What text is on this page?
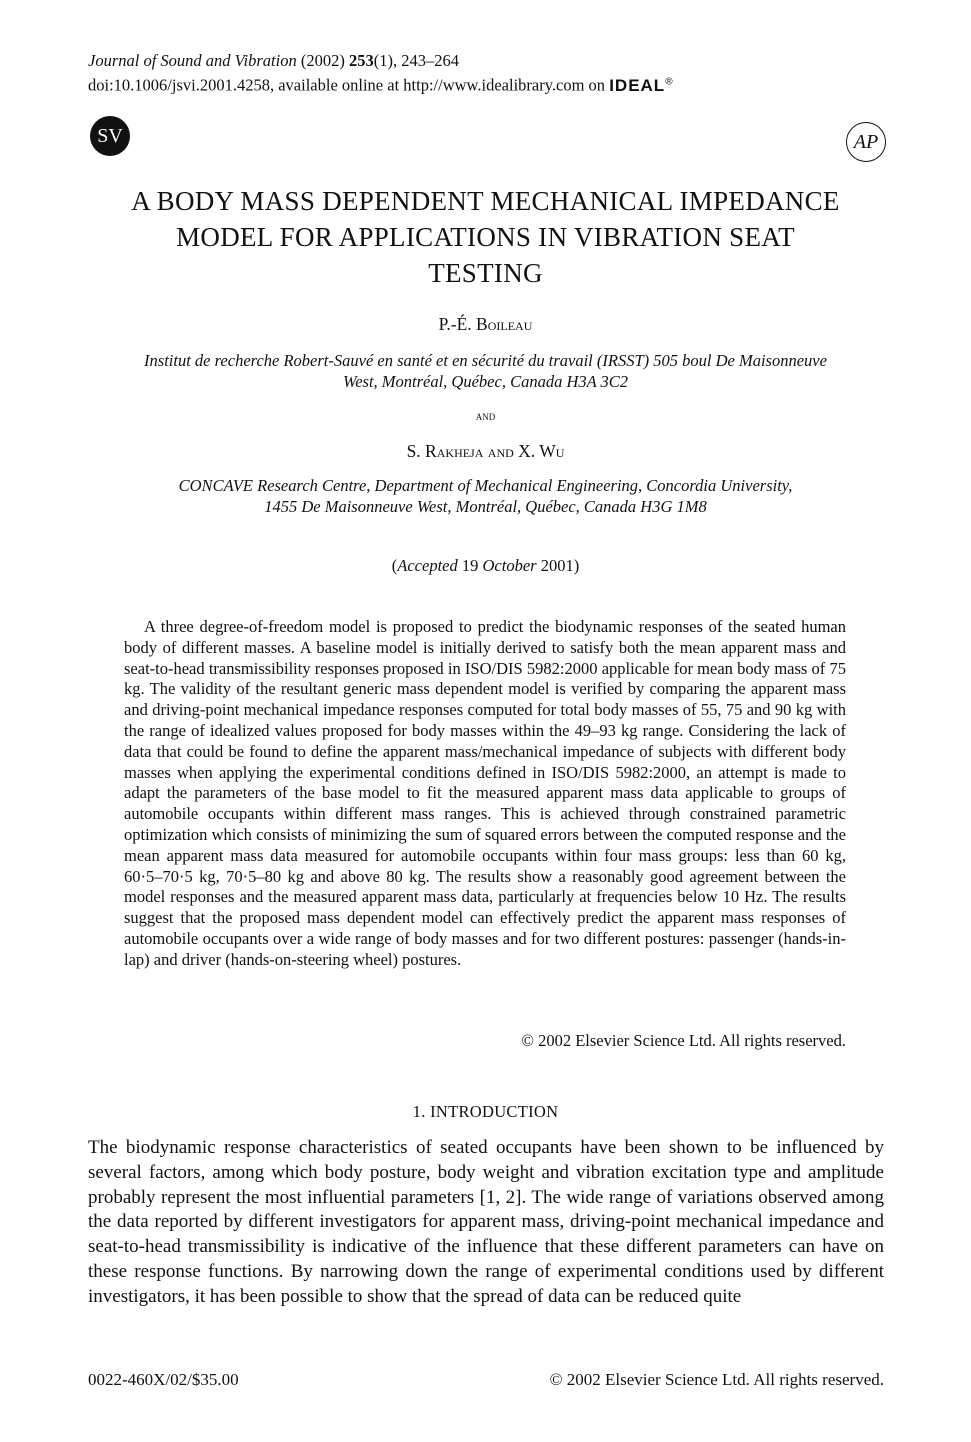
Journal of Sound and Vibration (2002) 253(1), 243–264
doi:10.1006/jsvi.2001.4258, available online at http://www.idealibrary.com on IDEAL®
SV	AP
A BODY MASS DEPENDENT MECHANICAL IMPEDANCE
MODEL FOR APPLICATIONS IN VIBRATION SEAT
TESTING
P.-É. Boileau
Institut de recherche Robert-Sauvé en santé et en sécurité du travail (IRSST) 505 boul De Maisonneuve
West, Montréal, Québec, Canada H3A 3C2
and
S. Rakheja and X. Wu
CONCAVE Research Centre, Department of Mechanical Engineering, Concordia University,
1455 De Maisonneuve West, Montréal, Québec, Canada H3G 1M8
(Accepted 19 October 2001)

A three degree-of-freedom model is proposed to predict the biodynamic responses of the seated human body of different masses. A baseline model is initially derived to satisfy both the mean apparent mass and seat-to-head transmissibility responses proposed in ISO/DIS 5982:2000 applicable for mean body mass of 75 kg. The validity of the resultant generic mass dependent model is verified by comparing the apparent mass and driving-point mechanical impedance responses computed for total body masses of 55, 75 and 90 kg with the range of idealized values proposed for body masses within the 49–93 kg range. Considering the lack of data that could be found to define the apparent mass/mechanical impedance of subjects with different body masses when applying the experimental conditions defined in ISO/DIS 5982:2000, an attempt is made to adapt the parameters of the base model to fit the measured apparent mass data applicable to groups of automobile occupants within different mass ranges. This is achieved through constrained parametric optimization which consists of minimizing the sum of squared errors between the computed response and the mean apparent mass data measured for automobile occupants within four mass groups: less than 60 kg, 60·5–70·5 kg, 70·5–80 kg and above 80 kg. The results show a reasonably good agreement between the model responses and the measured apparent mass data, particularly at frequencies below 10 Hz. The results suggest that the proposed mass dependent model can effectively predict the apparent mass responses of automobile occupants over a wide range of body masses and for two different postures: passenger (hands-in-lap) and driver (hands-on-steering wheel) postures.

© 2002 Elsevier Science Ltd. All rights reserved.
1. INTRODUCTION

The biodynamic response characteristics of seated occupants have been shown to be influenced by several factors, among which body posture, body weight and vibration excitation type and amplitude probably represent the most influential parameters [1, 2]. The wide range of variations observed among the data reported by different investigators for apparent mass, driving-point mechanical impedance and seat-to-head transmissibility is indicative of the influence that these different parameters can have on these response functions. By narrowing down the range of experimental conditions used by different investigators, it has been possible to show that the spread of data can be reduced quite

0022-460X/02/$35.00	© 2002 Elsevier Science Ltd. All rights reserved.
